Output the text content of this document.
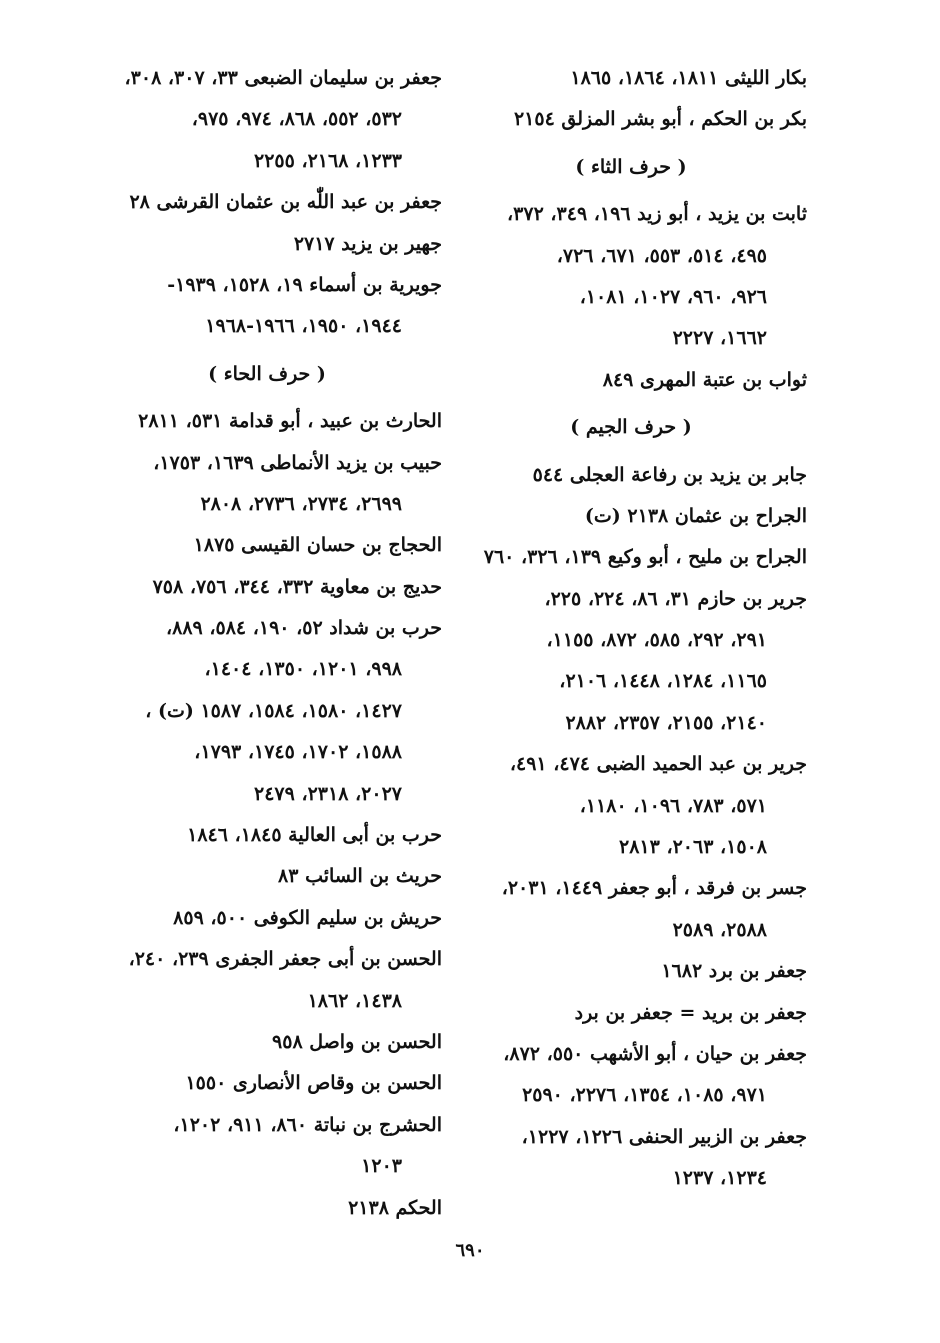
بكار الليثى ١٨١١، ١٨٦٤، ١٨٦٥
بكر بن الحكم ، أبو بشر المزلق ٢١٥٤
( حرف الثاء )
ثابت بن يزيد ، أبو زيد ١٩٦، ٣٤٩، ٣٧٢،
٤٩٥، ٥١٤، ٥٥٣، ٦٧١، ٧٢٦،
٩٢٦، ٩٦٠، ١٠٢٧، ١٠٨١،
١٦٦٢، ٢٢٢٧
ثواب بن عتبة المهرى ٨٤٩
( حرف الجيم )
جابر بن يزيد بن رفاعة العجلى ٥٤٤
الجراح بن عثمان ٢١٣٨ (ت)
الجراح بن مليح ، أبو وكيع ١٣٩، ٣٢٦، ٧٦٠
جرير بن حازم ٣١، ٨٦، ٢٢٤، ٢٢٥،
٢٩١، ٢٩٢، ٥٨٥، ٨٧٢، ١١٥٥،
١١٦٥، ١٢٨٤، ١٤٤٨، ٢١٠٦،
٢١٤٠، ٢١٥٥، ٢٣٥٧، ٢٨٨٢
جرير بن عبد الحميد الضبى ٤٧٤، ٤٩١،
٥٧١، ٧٨٣، ١٠٩٦، ١١٨٠،
١٥٠٨، ٢٠٦٣، ٢٨١٣
جسر بن فرقد ، أبو جعفر ١٤٤٩، ٢٠٣١،
٢٥٨٨، ٢٥٨٩
جعفر بن برد ١٦٨٢
جعفر بن بريد = جعفر بن برد
جعفر بن حيان ، أبو الأشهب ٥٥٠، ٨٧٢،
٩٧١، ١٠٨٥، ١٣٥٤، ٢٢٧٦، ٢٥٩٠
جعفر بن الزبير الحنفى ١٢٢٦، ١٢٢٧،
١٢٣٤، ١٢٣٧
جعفر بن سليمان الضبعى ٣٣، ٣٠٧، ٣٠٨،
٥٣٢، ٥٥٢، ٨٦٨، ٩٧٤، ٩٧٥،
١٢٣٣، ٢١٦٨، ٢٢٥٥
جعفر بن عبد اللّٰه بن عثمان القرشى ٢٨
جهير بن يزيد ٢٧١٧
جويرية بن أسماء ١٩، ١٥٢٨، ١٩٣٩-
١٩٤٤، ١٩٥٠، ١٩٦٦-١٩٦٨
( حرف الحاء )
الحارث بن عبيد ، أبو قدامة ٥٣١، ٢٨١١
حبيب بن يزيد الأنماطى ١٦٣٩، ١٧٥٣،
٢٦٩٩، ٢٧٣٤، ٢٧٣٦، ٢٨٠٨
الحجاج بن حسان القيسى ١٨٧٥
حديج بن معاوية ٣٣٢، ٣٤٤، ٧٥٦، ٧٥٨
حرب بن شداد ٥٢، ١٩٠، ٥٨٤، ٨٨٩،
٩٩٨، ١٢٠١، ١٣٥٠، ١٤٠٤،
١٤٢٧، ١٥٨٠، ١٥٨٤، ١٥٨٧ (ت) ،
١٥٨٨، ١٧٠٢، ١٧٤٥، ١٧٩٣،
٢٠٢٧، ٢٣١٨، ٢٤٧٩
حرب بن أبى العالية ١٨٤٥، ١٨٤٦
حريث بن السائب ٨٣
حريش بن سليم الكوفى ٥٠٠، ٨٥٩
الحسن بن أبى جعفر الجفرى ٢٣٩، ٢٤٠،
١٤٣٨، ١٨٦٢
الحسن بن واصل ٩٥٨
الحسن بن وقاص الأنصارى ١٥٥٠
الحشرج بن نباتة ٨٦٠، ٩١١، ١٢٠٢،
١٢٠٣
الحكم ٢١٣٨
٦٩٠
